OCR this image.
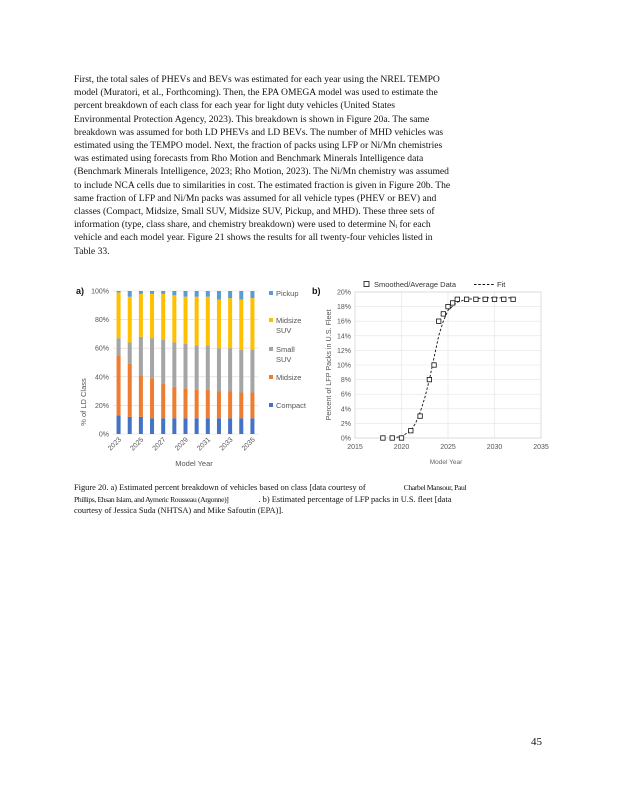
First, the total sales of PHEVs and BEVs was estimated for each year using the NREL TEMPO
model (Muratori, et al., Forthcoming). Then, the EPA OMEGA model was used to estimate the
percent breakdown of each class for each year for light duty vehicles (United States
Environmental Protection Agency, 2023). This breakdown is shown in Figure 20a. The same
breakdown was assumed for both LD PHEVs and LD BEVs. The number of MHD vehicles was
estimated using the TEMPO model. Next, the fraction of packs using LFP or Ni/Mn chemistries
was estimated using forecasts from Rho Motion and Benchmark Minerals Intelligence data
(Benchmark Minerals Intelligence, 2023; Rho Motion, 2023). The Ni/Mn chemistry was assumed
to include NCA cells due to similarities in cost. The estimated fraction is given in Figure 20b. The
same fraction of LFP and Ni/Mn packs was assumed for all vehicle types (PHEV or BEV) and
classes (Compact, Midsize, Small SUV, Midsize SUV, Pickup, and MHD). These three sets of
information (type, class share, and chemistry breakdown) were used to determine Nᵢ for each
vehicle and each model year. Figure 21 shows the results for all twenty-four vehicles listed in
Table 33.
a)
0%
20%
40%
60%
80%
100%
2023 2025 2027 2029 2031 2033 2035
% of LD Class
Model Year
Pickup
Midsize
SUV
Small
SUV
Midsize
Compact
b)
Smoothed/Average Data	Fit
0%
2%
4%
6%
8%
10%
12%
14%
16%
18%
20%
2015	2020	2025	2030	2035
Percent of LFP Packs in U.S. Fleet
Model Year
Figure 20. a) Estimated percent breakdown of vehicles based on class [data courtesy of	Charbel Mansour, Paul
Phillips, Ehsan Islam, and Aymeric Rousseau (Argonne)]	. b) Estimated percentage of LFP packs in U.S. fleet [data
courtesy of Jessica Suda (NHTSA) and Mike Safoutin (EPA)].
45
